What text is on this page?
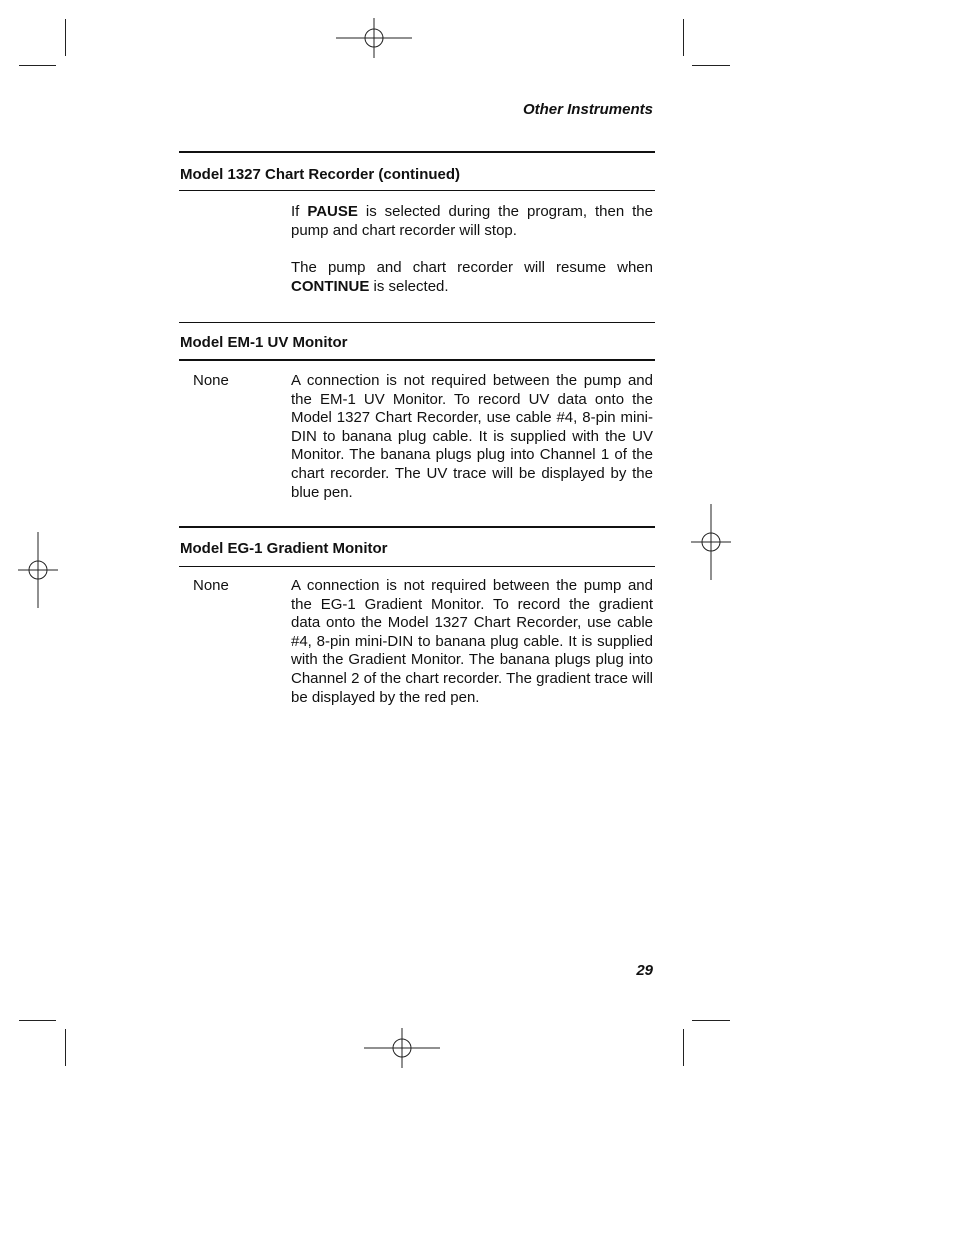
Other Instruments
Model 1327 Chart Recorder (continued)
If PAUSE is selected during the program, then the pump and chart recorder will stop.
The pump and chart recorder will resume when CONTINUE is selected.
Model EM-1 UV Monitor
None	A connection is not required between the pump and the EM-1 UV Monitor. To record UV data onto the Model 1327 Chart Recorder, use cable #4, 8-pin mini-DIN to banana plug cable. It is supplied with the UV Monitor. The banana plugs plug into Channel 1 of the chart recorder. The UV trace will be displayed by the blue pen.
Model EG-1 Gradient Monitor
None	A connection is not required between the pump and the EG-1 Gradient Monitor. To record the gradient data onto the Model 1327 Chart Recorder, use cable #4, 8-pin mini-DIN to banana plug cable. It is supplied with the Gradient Monitor. The banana plugs plug into Channel 2 of the chart recorder. The gradient trace will be displayed by the red pen.
29
